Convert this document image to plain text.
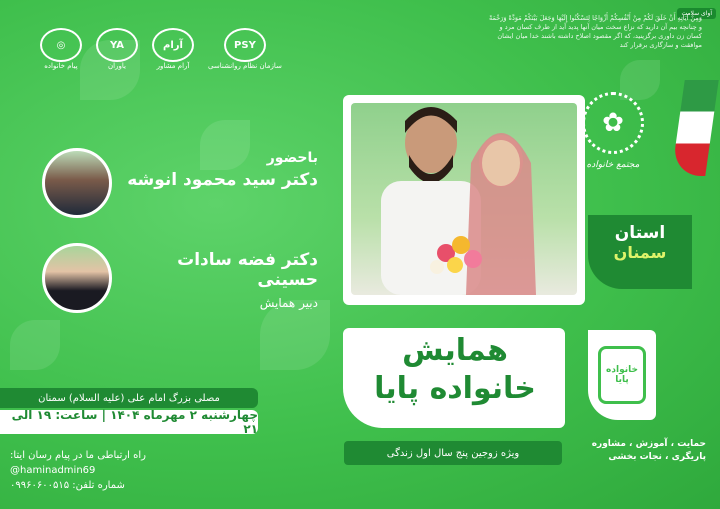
آوای سلامت
وَمِنْ آيَاتِهِ أَنْ خَلَقَ لَكُمْ مِنْ أَنْفُسِكُمْ أَزْوَاجًا لِتَسْكُنُوا إِلَيْهَا وَجَعَلَ بَيْنَكُمْ مَوَدَّةً وَرَحْمَةً
و چنانچه بیم آن دارید که نزاع سخت میان آنها پدید آید از طرف کسان مرد و کسان زن داوری برگزینید، که اگر مقصود اصلاح داشته باشند خدا میان ایشان موافقت و سازگاری برقرار کند
◎
پیام خانواده
YA
یاوران
آرام
آرام مشاور
PSY
سازمان نظام روانشناسی
✿
مجتمع خانواده
استان
سمنان
باحضور
دکتر سید محمود انوشه
دکتر فضه سادات حسینی
دبیر همایش
همایش
خانواده پایا
ویژه زوجین پنج سال اول زندگی
خانواده پایا
حمایت ، آموزش ، مشاوره
پاریگری ، نجات بخشی
مصلی بزرگ امام علی (علیه السلام) سمنان
چهارشنبه ۲ مهرماه ۱۴۰۴ | ساعت: ۱۹ الی ۲۱
راه ارتباطی ما در پیام رسان ایتا:
@haminadmin69
شماره تلفن: ۰۹۹۶۰۶۰۰۵۱۵
